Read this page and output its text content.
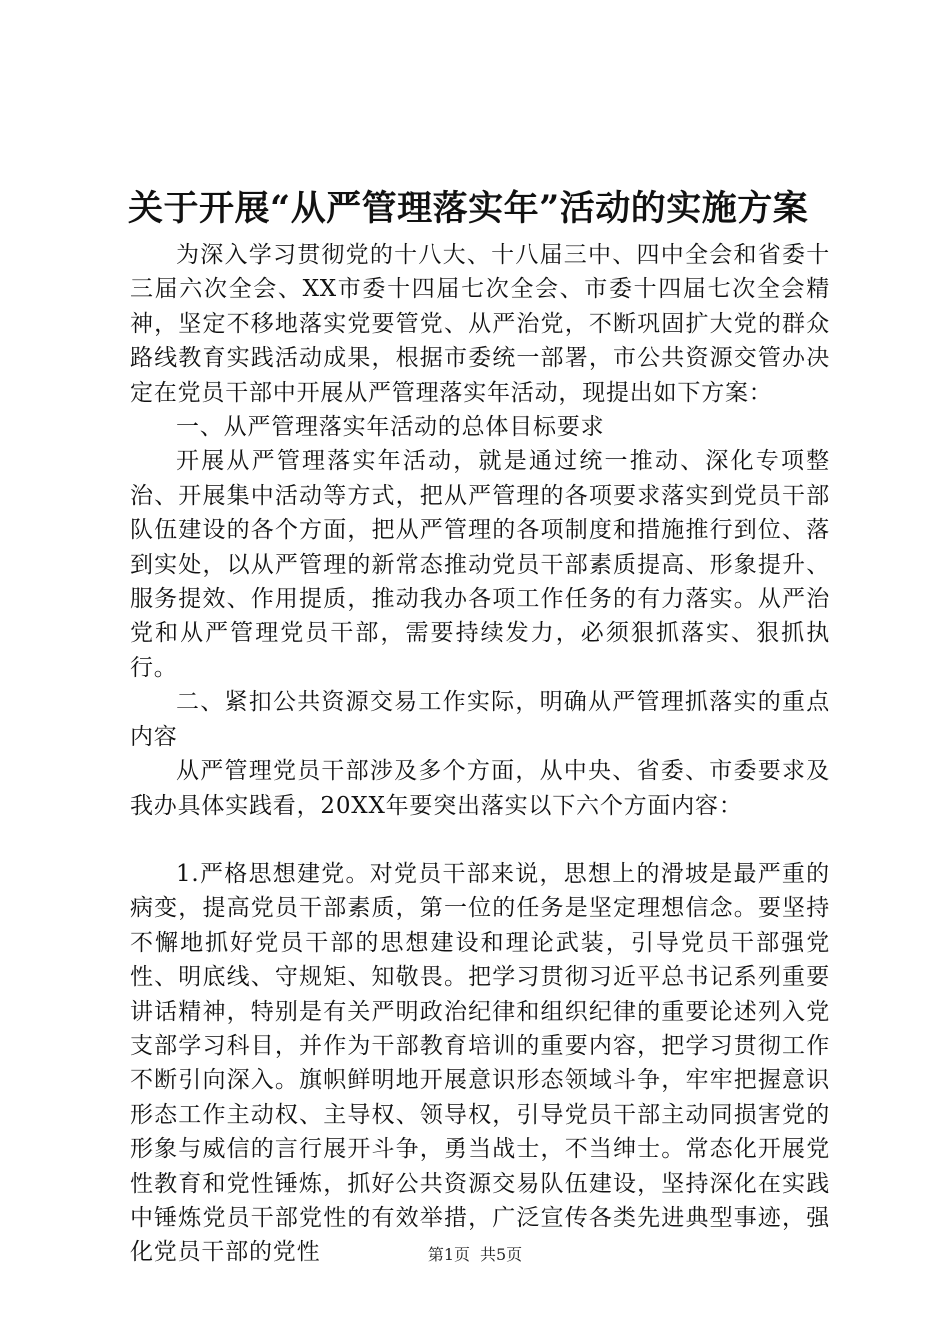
关于开展“从严管理落实年”活动的实施方案

为深入学习贯彻党的十八大、十八届三中、四中全会和省委十三届六次全会、XX市委十四届七次全会、市委十四届七次全会精神，坚定不移地落实党要管党、从严治党，不断巩固扩大党的群众路线教育实践活动成果，根据市委统一部署，市公共资源交管办决定在党员干部中开展从严管理落实年活动，现提出如下方案：

一、从严管理落实年活动的总体目标要求

开展从严管理落实年活动，就是通过统一推动、深化专项整治、开展集中活动等方式，把从严管理的各项要求落实到党员干部队伍建设的各个方面，把从严管理的各项制度和措施推行到位、落到实处，以从严管理的新常态推动党员干部素质提高、形象提升、服务提效、作用提质，推动我办各项工作任务的有力落实。从严治党和从严管理党员干部，需要持续发力，必须狠抓落实、狠抓执行。

二、紧扣公共资源交易工作实际，明确从严管理抓落实的重点内容

从严管理党员干部涉及多个方面，从中央、省委、市委要求及我办具体实践看，20XX年要突出落实以下六个方面内容：

1.严格思想建党。对党员干部来说，思想上的滑坡是最严重的病变，提高党员干部素质，第一位的任务是坚定理想信念。要坚持不懈地抓好党员干部的思想建设和理论武装，引导党员干部强党性、明底线、守规矩、知敬畏。把学习贯彻习近平总书记系列重要讲话精神，特别是有关严明政治纪律和组织纪律的重要论述列入党支部学习科目，并作为干部教育培训的重要内容，把学习贯彻工作不断引向深入。旗帜鲜明地开展意识形态领域斗争，牢牢把握意识形态工作主动权、主导权、领导权，引导党员干部主动同损害党的形象与威信的言行展开斗争，勇当战士，不当绅士。常态化开展党性教育和党性锤炼，抓好公共资源交易队伍建设，坚持深化在实践中锤炼党员干部党性的有效举措，广泛宣传各类先进典型事迹，强化党员干部的党性	第1页 共5页
